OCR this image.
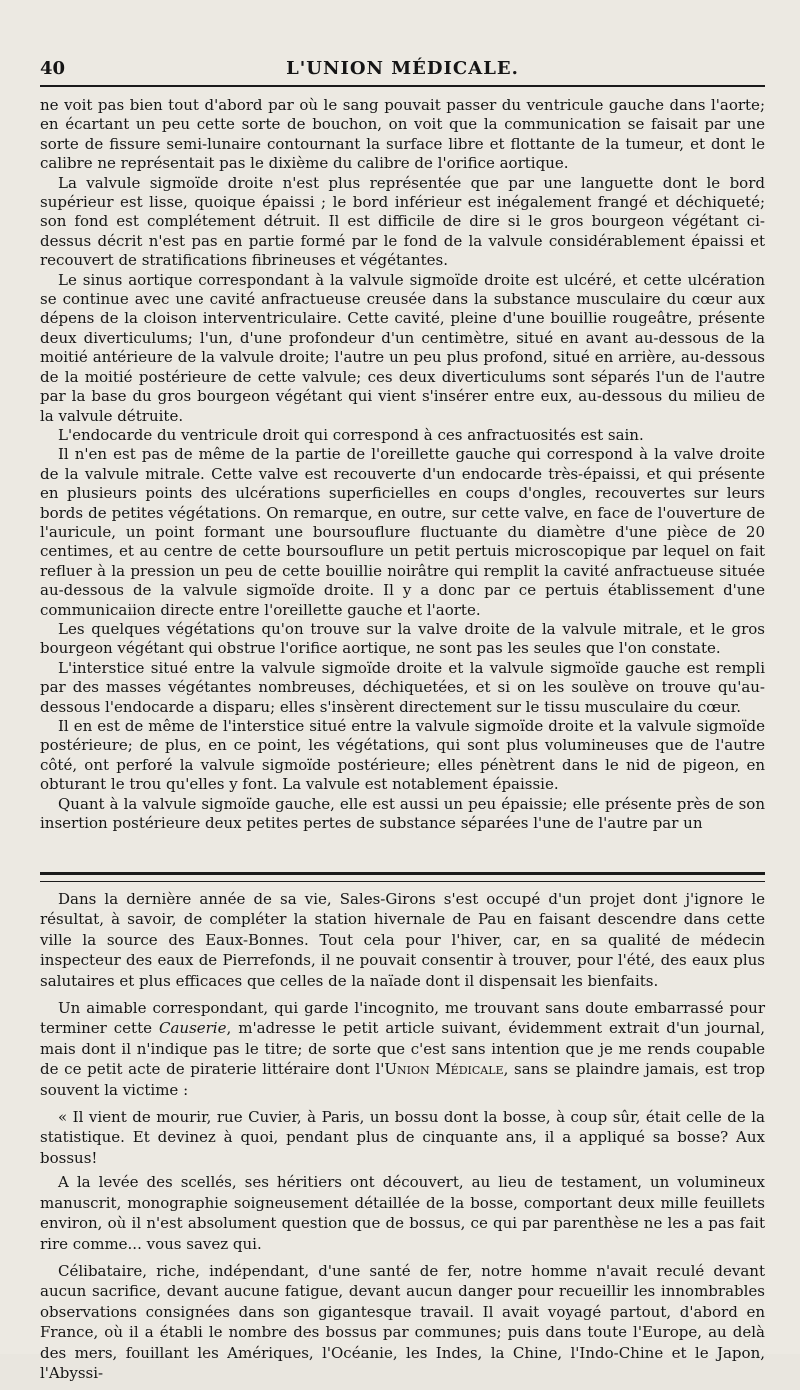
40	L'UNION MÉDICALE.

ne voit pas bien tout d'abord par où le sang pouvait passer du ventricule gauche dans l'aorte; en écartant un peu cette sorte de bouchon, on voit que la communication se faisait par une sorte de fissure semi-lunaire contournant la surface libre et flottante de la tumeur, et dont le calibre ne représentait pas le dixième du calibre de l'orifice aortique.

La valvule sigmoïde droite n'est plus représentée que par une languette dont le bord supérieur est lisse, quoique épaissi ; le bord inférieur est inégalement frangé et déchiqueté; son fond est complétement détruit. Il est difficile de dire si le gros bourgeon végétant ci-dessus décrit n'est pas en partie formé par le fond de la valvule considérablement épaissi et recouvert de stratifications fibrineuses et végétantes.

Le sinus aortique correspondant à la valvule sigmoïde droite est ulcéré, et cette ulcération se continue avec une cavité anfractueuse creusée dans la substance musculaire du cœur aux dépens de la cloison interventriculaire. Cette cavité, pleine d'une bouillie rougeâtre, présente deux diverticulums; l'un, d'une profondeur d'un centimètre, situé en avant au-dessous de la moitié antérieure de la valvule droite; l'autre un peu plus profond, situé en arrière, au-dessous de la moitié postérieure de cette valvule; ces deux diverticulums sont séparés l'un de l'autre par la base du gros bourgeon végétant qui vient s'insérer entre eux, au-dessous du milieu de la valvule détruite.

L'endocarde du ventricule droit qui correspond à ces anfractuosités est sain.

Il n'en est pas de même de la partie de l'oreillette gauche qui correspond à la valve droite de la valvule mitrale. Cette valve est recouverte d'un endocarde très-épaissi, et qui présente en plusieurs points des ulcérations superficielles en coups d'ongles, recouvertes sur leurs bords de petites végétations. On remarque, en outre, sur cette valve, en face de l'ouverture de l'auricule, un point formant une boursouflure fluctuante du diamètre d'une pièce de 20 centimes, et au centre de cette boursouflure un petit pertuis microscopique par lequel on fait refluer à la pression un peu de cette bouillie noirâtre qui remplit la cavité anfractueuse située au-dessous de la valvule sigmoïde droite. Il y a donc par ce pertuis établissement d'une communicaiion directe entre l'oreillette gauche et l'aorte.

Les quelques végétations qu'on trouve sur la valve droite de la valvule mitrale, et le gros bourgeon végétant qui obstrue l'orifice aortique, ne sont pas les seules que l'on constate.

L'interstice situé entre la valvule sigmoïde droite et la valvule sigmoïde gauche est rempli par des masses végétantes nombreuses, déchiquetées, et si on les soulève on trouve qu'au-dessous l'endocarde a disparu; elles s'insèrent directement sur le tissu musculaire du cœur.

Il en est de même de l'interstice situé entre la valvule sigmoïde droite et la valvule sigmoïde postérieure; de plus, en ce point, les végétations, qui sont plus volumineuses que de l'autre côté, ont perforé la valvule sigmoïde postérieure; elles pénètrent dans le nid de pigeon, en obturant le trou qu'elles y font. La valvule est notablement épaissie.

Quant à la valvule sigmoïde gauche, elle est aussi un peu épaissie; elle présente près de son insertion postérieure deux petites pertes de substance séparées l'une de l'autre par un

Dans la dernière année de sa vie, Sales-Girons s'est occupé d'un projet dont j'ignore le résultat, à savoir, de compléter la station hivernale de Pau en faisant descendre dans cette ville la source des Eaux-Bonnes. Tout cela pour l'hiver, car, en sa qualité de médecin inspecteur des eaux de Pierrefonds, il ne pouvait consentir à trouver, pour l'été, des eaux plus salutaires et plus efficaces que celles de la naïade dont il dispensait les bienfaits.

Un aimable correspondant, qui garde l'incognito, me trouvant sans doute embarrassé pour terminer cette Causerie, m'adresse le petit article suivant, évidemment extrait d'un journal, mais dont il n'indique pas le titre; de sorte que c'est sans intention que je me rends coupable de ce petit acte de piraterie littéraire dont l'Union Médicale, sans se plaindre jamais, est trop souvent la victime :

« Il vient de mourir, rue Cuvier, à Paris, un bossu dont la bosse, à coup sûr, était celle de la statistique. Et devinez à quoi, pendant plus de cinquante ans, il a appliqué sa bosse? Aux bossus!

A la levée des scellés, ses héritiers ont découvert, au lieu de testament, un volumineux manuscrit, monographie soigneusement détaillée de la bosse, comportant deux mille feuillets environ, où il n'est absolument question que de bossus, ce qui par parenthèse ne les a pas fait rire comme... vous savez qui.

Célibataire, riche, indépendant, d'une santé de fer, notre homme n'avait reculé devant aucun sacrifice, devant aucune fatigue, devant aucun danger pour recueillir les innombrables observations consignées dans son gigantesque travail. Il avait voyagé partout, d'abord en France, où il a établi le nombre des bossus par communes; puis dans toute l'Europe, au delà des mers, fouillant les Amériques, l'Océanie, les Indes, la Chine, l'Indo-Chine et le Japon, l'Abyssi-
